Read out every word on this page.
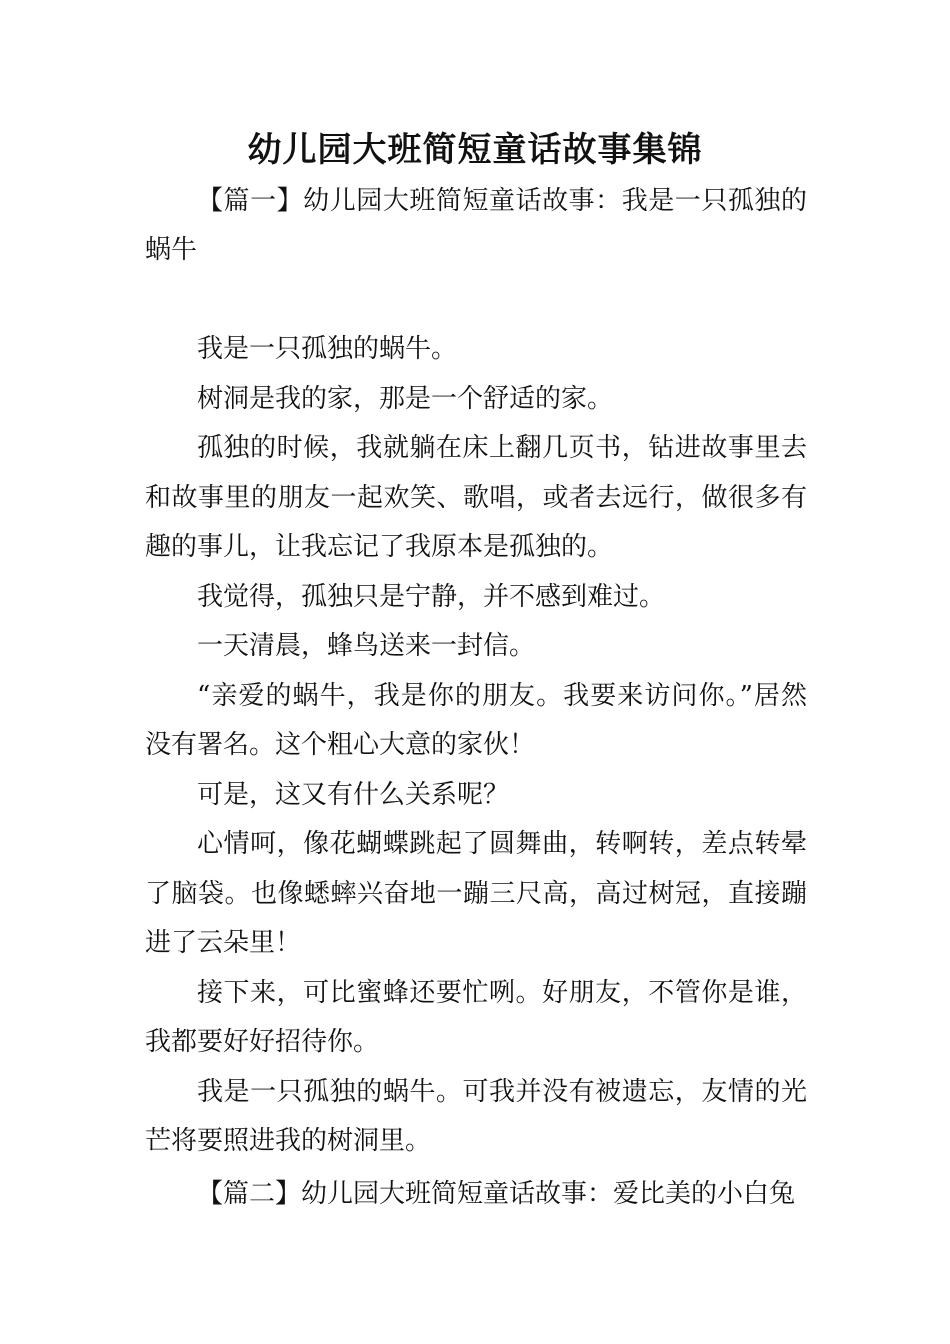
幼儿园大班简短童话故事集锦

【篇一】幼儿园大班简短童话故事：我是一只孤独的蜗牛

我是一只孤独的蜗牛。

树洞是我的家，那是一个舒适的家。

孤独的时候，我就躺在床上翻几页书，钻进故事里去和故事里的朋友一起欢笑、歌唱，或者去远行，做很多有趣的事儿，让我忘记了我原本是孤独的。

我觉得，孤独只是宁静，并不感到难过。

一天清晨，蜂鸟送来一封信。

“亲爱的蜗牛，我是你的朋友。我要来访问你。”居然没有署名。这个粗心大意的家伙！

可是，这又有什么关系呢？

心情呵，像花蝴蝶跳起了圆舞曲，转啊转，差点转晕了脑袋。也像蟋蟀兴奋地一蹦三尺高，高过树冠，直接蹦进了云朵里！

接下来，可比蜜蜂还要忙咧。好朋友，不管你是谁，我都要好好招待你。

我是一只孤独的蜗牛。可我并没有被遗忘，友情的光芒将要照进我的树洞里。

【篇二】幼儿园大班简短童话故事：爱比美的小白兔
